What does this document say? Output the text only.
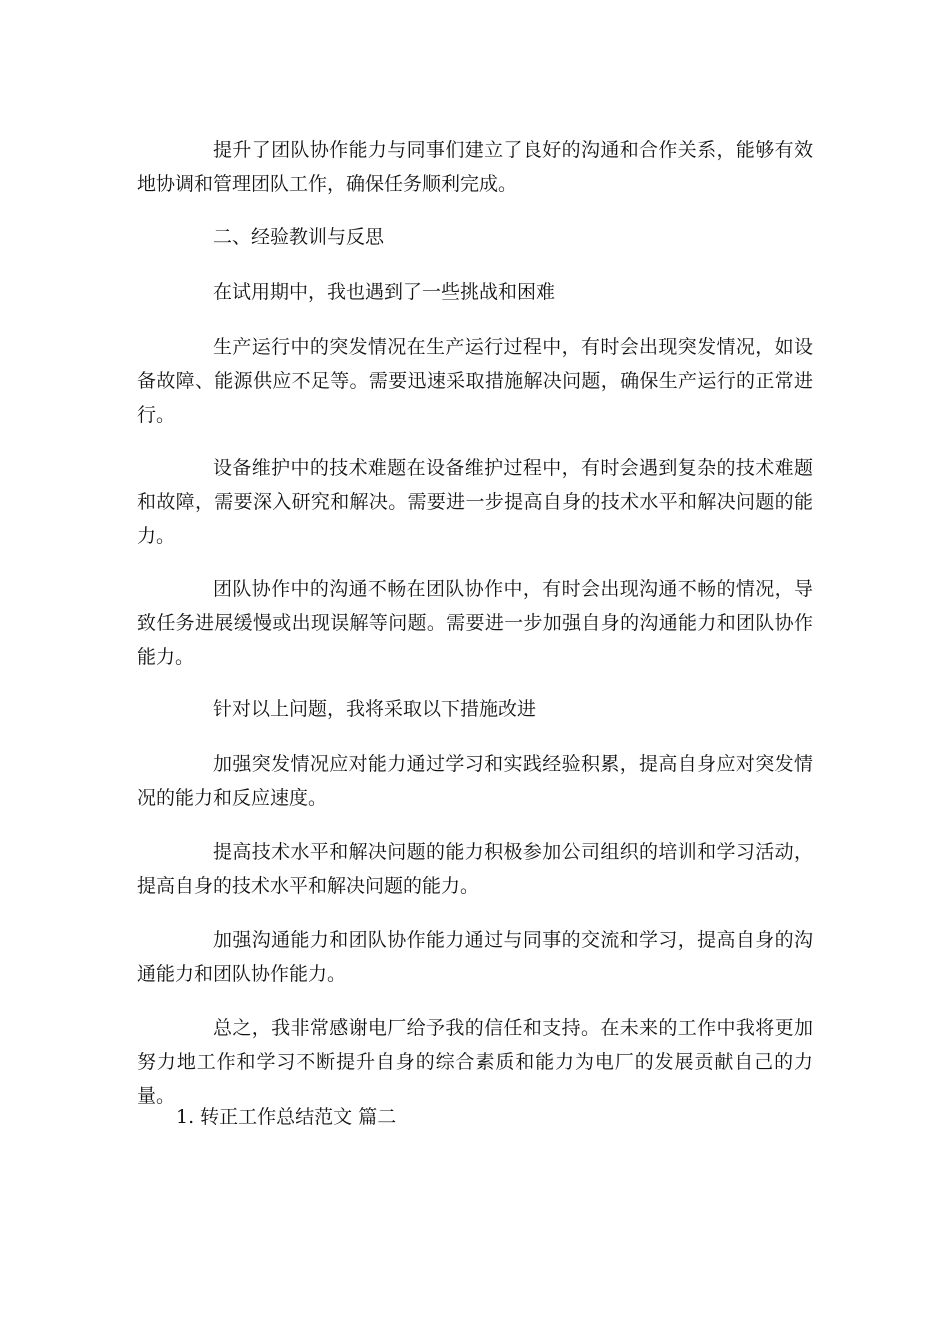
提升了团队协作能力与同事们建立了良好的沟通和合作关系，能够有效地协调和管理团队工作，确保任务顺利完成。

二、经验教训与反思

在试用期中，我也遇到了一些挑战和困难

生产运行中的突发情况在生产运行过程中，有时会出现突发情况，如设备故障、能源供应不足等。需要迅速采取措施解决问题，确保生产运行的正常进行。

设备维护中的技术难题在设备维护过程中，有时会遇到复杂的技术难题和故障，需要深入研究和解决。需要进一步提高自身的技术水平和解决问题的能力。

团队协作中的沟通不畅在团队协作中，有时会出现沟通不畅的情况，导致任务进展缓慢或出现误解等问题。需要进一步加强自身的沟通能力和团队协作能力。

针对以上问题，我将采取以下措施改进

加强突发情况应对能力通过学习和实践经验积累，提高自身应对突发情况的能力和反应速度。

提高技术水平和解决问题的能力积极参加公司组织的培训和学习活动，提高自身的技术水平和解决问题的能力。

加强沟通能力和团队协作能力通过与同事的交流和学习，提高自身的沟通能力和团队协作能力。

总之，我非常感谢电厂给予我的信任和支持。在未来的工作中我将更加努力地工作和学习不断提升自身的综合素质和能力为电厂的发展贡献自己的力量。

1. 转正工作总结范文 篇二
